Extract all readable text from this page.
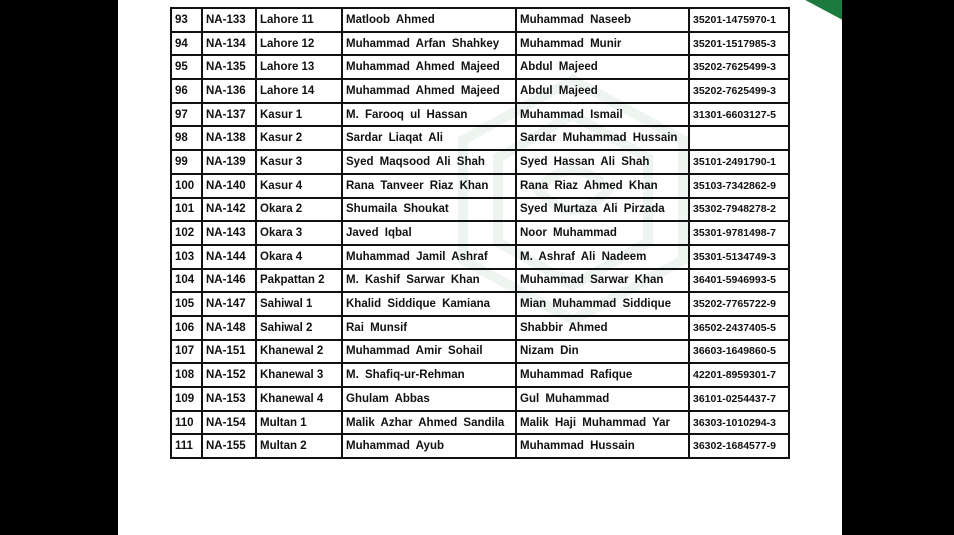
93	NA-133	Lahore 11	Matloob Ahmed	Muhammad Naseeb	35201-1475970-1
94	NA-134	Lahore 12	Muhammad Arfan Shahkey	Muhammad Munir	35201-1517985-3
95	NA-135	Lahore 13	Muhammad Ahmed Majeed	Abdul Majeed	35202-7625499-3
96	NA-136	Lahore 14	Muhammad Ahmed Majeed	Abdul Majeed	35202-7625499-3
97	NA-137	Kasur 1	M. Farooq ul Hassan	Muhammad Ismail	31301-6603127-5
98	NA-138	Kasur 2	Sardar Liaqat Ali	Sardar Muhammad Hussain	
99	NA-139	Kasur 3	Syed Maqsood Ali Shah	Syed Hassan Ali Shah	35101-2491790-1
100	NA-140	Kasur 4	Rana Tanveer Riaz Khan	Rana Riaz Ahmed Khan	35103-7342862-9
101	NA-142	Okara 2	Shumaila Shoukat	Syed Murtaza Ali Pirzada	35302-7948278-2
102	NA-143	Okara 3	Javed Iqbal	Noor Muhammad	35301-9781498-7
103	NA-144	Okara 4	Muhammad Jamil Ashraf	M. Ashraf Ali Nadeem	35301-5134749-3
104	NA-146	Pakpattan 2	M. Kashif Sarwar Khan	Muhammad Sarwar Khan	36401-5946993-5
105	NA-147	Sahiwal 1	Khalid Siddique Kamiana	Mian Muhammad Siddique	35202-7765722-9
106	NA-148	Sahiwal 2	Rai Munsif	Shabbir Ahmed	36502-2437405-5
107	NA-151	Khanewal 2	Muhammad Amir Sohail	Nizam Din	36603-1649860-5
108	NA-152	Khanewal 3	M. Shafiq-ur-Rehman	Muhammad Rafique	42201-8959301-7
109	NA-153	Khanewal 4	Ghulam Abbas	Gul Muhammad	36101-0254437-7
110	NA-154	Multan 1	Malik Azhar Ahmed Sandila	Malik Haji Muhammad Yar	36303-1010294-3
111	NA-155	Multan 2	Muhammad Ayub	Muhammad Hussain	36302-1684577-9
